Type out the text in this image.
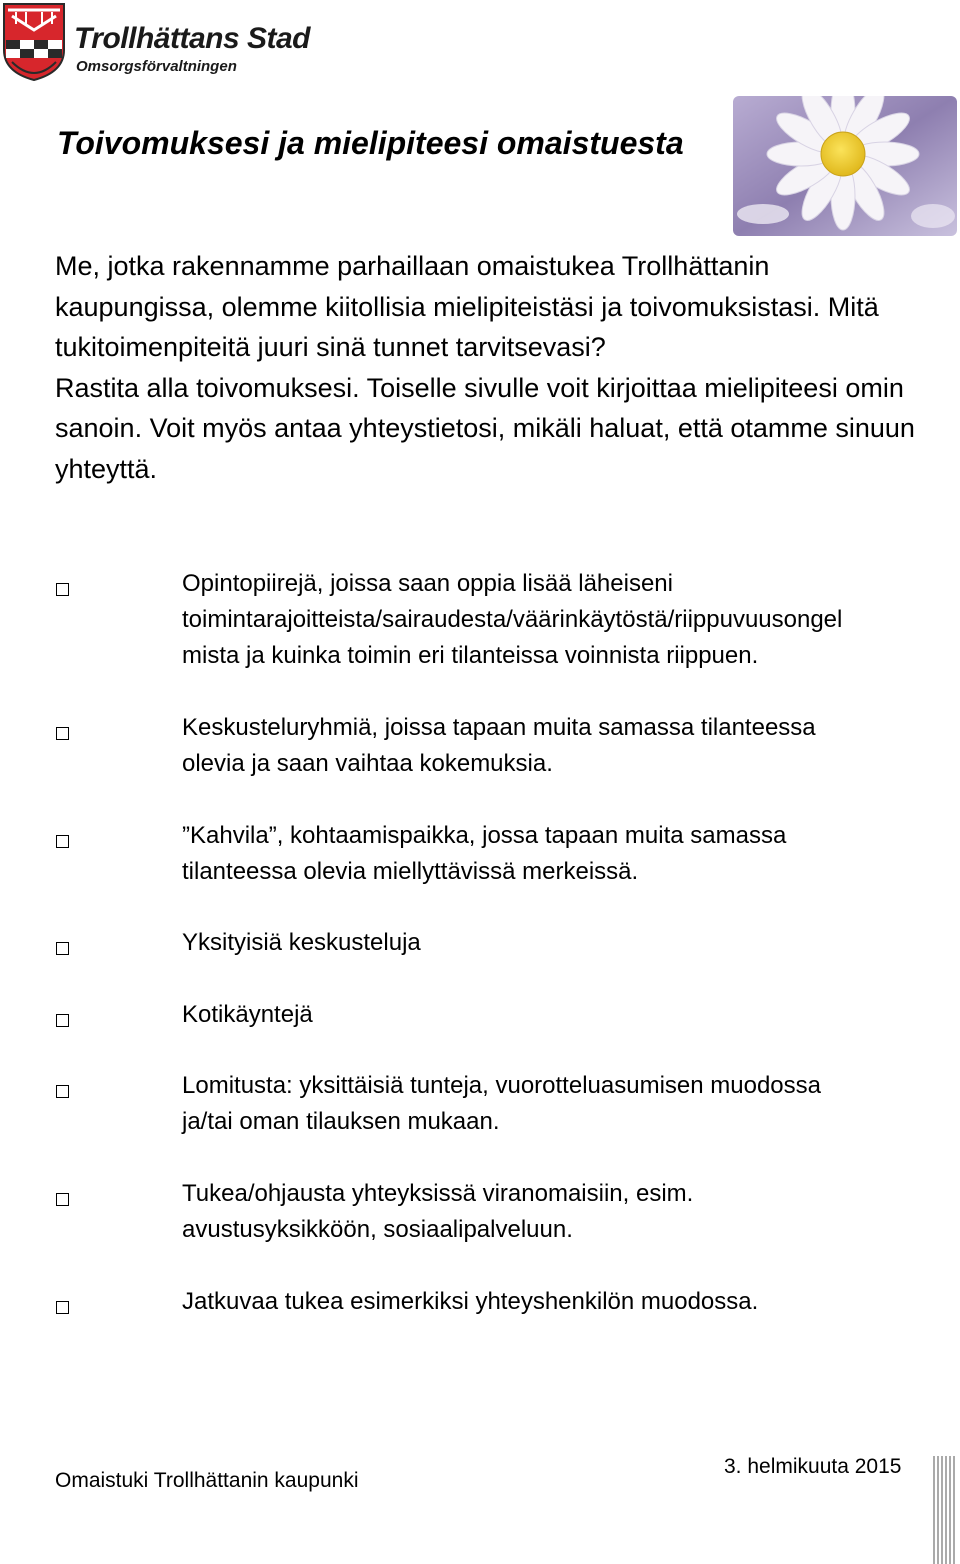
Trollhättans Stad
Omsorgsförvaltningen
Toivomuksesi ja mielipiteesi omaistuesta

Me, jotka rakennamme parhaillaan omaistukea Trollhättanin kaupungissa, olemme kiitollisia mielipiteistäsi ja toivomuksistasi. Mitä tukitoimenpiteitä juuri sinä tunnet tarvitsevasi?

Rastita alla toivomuksesi. Toiselle sivulle voit kirjoittaa mielipiteesi omin sanoin. Voit myös antaa yhteystietosi, mikäli haluat, että otamme sinuun yhteyttä.

Opintopiirejä, joissa saan oppia lisää läheiseni
toimintarajoitteista/sairaudesta/väärinkäytöstä/riippuvuusongel
mista ja kuinka toimin eri tilanteissa voinnista riippuen.
Keskusteluryhmiä, joissa tapaan muita samassa tilanteessa
olevia ja saan vaihtaa kokemuksia.
”Kahvila”, kohtaamispaikka, jossa tapaan muita samassa
tilanteessa olevia miellyttävissä merkeissä.
Yksityisiä keskusteluja
Kotikäyntejä
Lomitusta: yksittäisiä tunteja, vuorotteluasumisen muodossa
ja/tai oman tilauksen mukaan.
Tukea/ohjausta yhteyksissä viranomaisiin, esim.
avustusyksikköön, sosiaalipalveluun.
Jatkuvaa tukea esimerkiksi yhteyshenkilön muodossa.
Omaistuki Trollhättanin kaupunki
3. helmikuuta 2015
